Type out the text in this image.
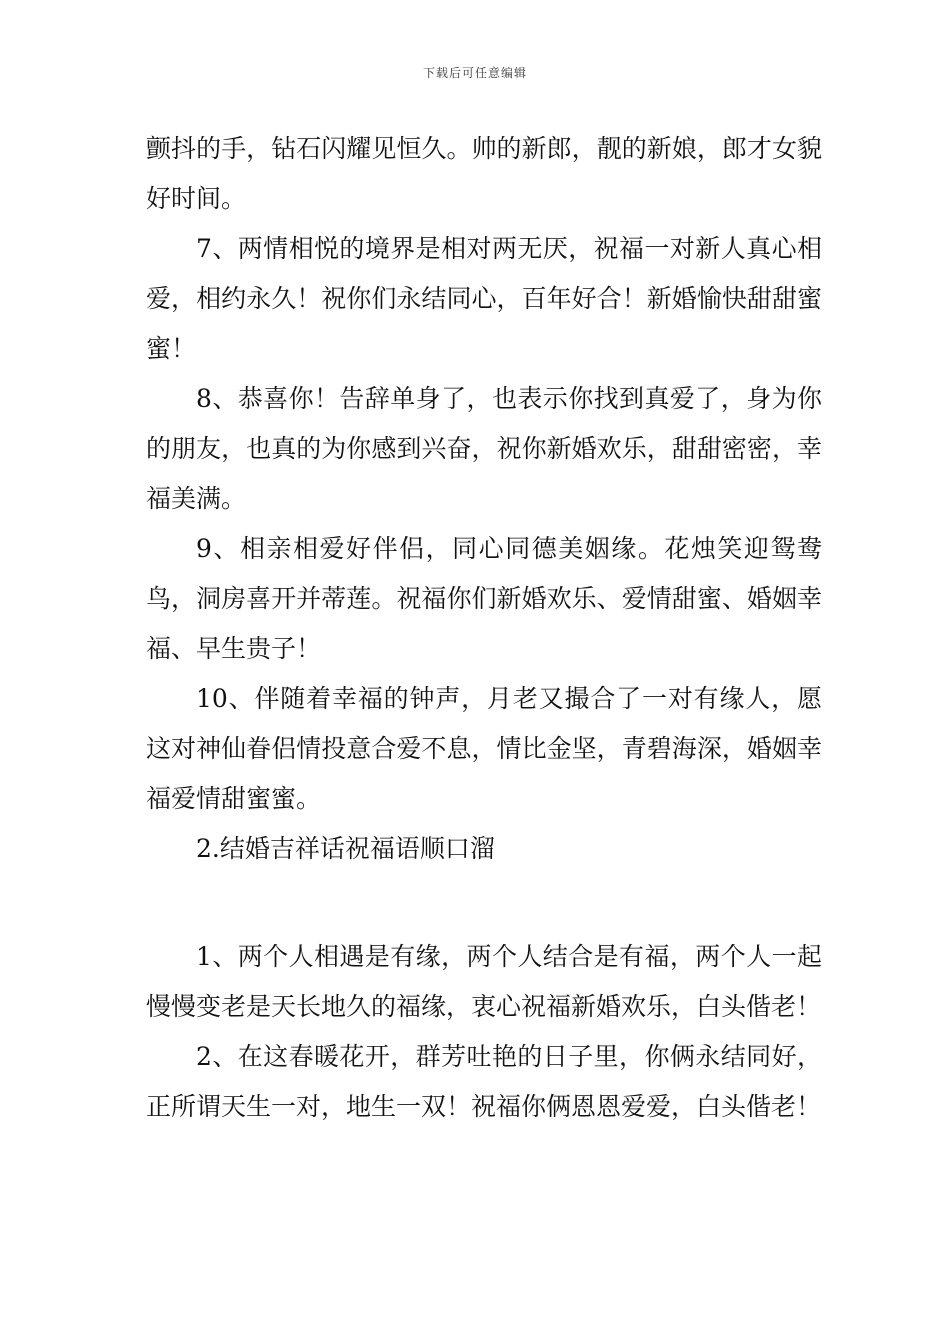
下载后可任意编辑

颤抖的手，钻石闪耀见恒久。帅的新郎，靓的新娘，郎才女貌好时间。

7、两情相悦的境界是相对两无厌，祝福一对新人真心相爱，相约永久！祝你们永结同心，百年好合！新婚愉快甜甜蜜蜜！

8、恭喜你！告辞单身了，也表示你找到真爱了，身为你的朋友，也真的为你感到兴奋，祝你新婚欢乐，甜甜密密，幸福美满。

9、相亲相爱好伴侣，同心同德美姻缘。花烛笑迎鸳鸯鸟，洞房喜开并蒂莲。祝福你们新婚欢乐、爱情甜蜜、婚姻幸福、早生贵子！

10、伴随着幸福的钟声，月老又撮合了一对有缘人，愿这对神仙眷侣情投意合爱不息，情比金坚，青碧海深，婚姻幸福爱情甜蜜蜜。

2.结婚吉祥话祝福语顺口溜

1、两个人相遇是有缘，两个人结合是有福，两个人一起慢慢变老是天长地久的福缘，衷心祝福新婚欢乐，白头偕老！

2、在这春暖花开，群芳吐艳的日子里，你俩永结同好，正所谓天生一对，地生一双！祝福你俩恩恩爱爱，白头偕老！
